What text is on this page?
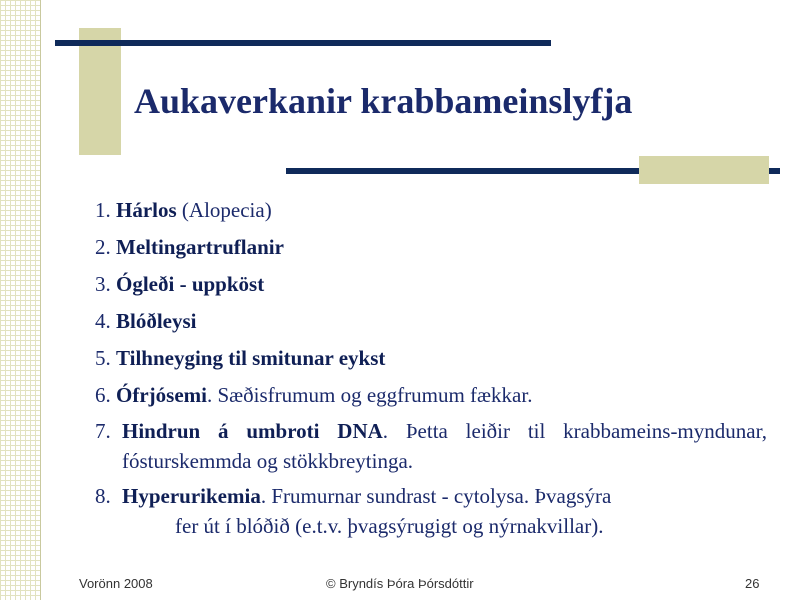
Aukaverkanir krabbameinslyfja
1.
Hárlos (Alopecia)
2.
Meltingartruflanir
3.
Ógleði - uppköst
4.
Blóðleysi
5.
Tilhneyging til smitunar eykst
6.
Ófrjósemi. Sæðisfrumum og eggfrumum fækkar.
7. Hindrun á umbroti DNA. Þetta leiðir til krabbameins-myndunar, fósturskemmda og stökkbreytinga.
8. Hyperurikemia. Frumurnar sundrast - cytolysa. Þvagsýra
fer út í blóðið (e.t.v. þvagsýrugigt og nýrnakvillar).
Vorönn 2008	© Bryndís Þóra Þórsdóttir	26
